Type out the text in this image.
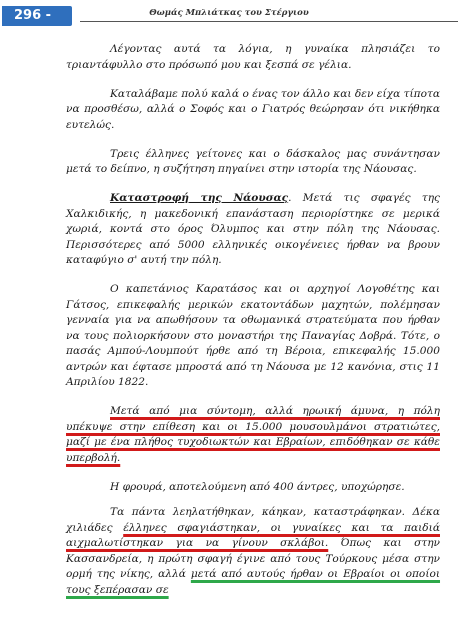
296 -	Θωμάς Μπλιάτκας του Στέργιου

Λέγοντας αυτά τα λόγια, η γυναίκα πλησιάζει το τριαντάφυλλο στο πρόσωπό μου και ξεσπά σε γέλια.

Καταλάβαμε πολύ καλά ο ένας τον άλλο και δεν είχα τίποτα να προσθέσω, αλλά ο Σοφός και ο Γιατρός θεώρησαν ότι νικήθηκα ευτελώς.

Τρεις έλληνες γείτονες και ο δάσκαλος μας συνάντησαν μετά το δείπνο, η συζήτηση πηγαίνει στην ιστορία της Νάουσας.

Καταστροφή της Νάουσας. Μετά τις σφαγές της Χαλκιδικής, η μακεδονική επανάσταση περιορίστηκε σε μερικά χωριά, κοντά στο όρος Όλυμπος και στην πόλη της Νάουσας. Περισσότερες από 5000 ελληνικές οικογένειες ήρθαν να βρουν καταφύγιο σ' αυτή την πόλη.

Ο καπετάνιος Καρατάσος και οι αρχηγοί Λογοθέτης και Γάτσος, επικεφαλής μερικών εκατοντάδων μαχητών, πολέμησαν γενναία για να απωθήσουν τα οθωμανικά στρατεύματα που ήρθαν να τους πολιορκήσουν στο μοναστήρι της Παναγίας Δοβρά. Τότε, ο πασάς Αμπού-Λουμπούτ ήρθε από τη Βέροια, επικεφαλής 15.000 αντρών και έφτασε μπροστά από τη Νάουσα με 12 κανόνια, στις 11 Απριλίου 1822.

Μετά από μια σύντομη, αλλά ηρωική άμυνα, η πόλη υπέκυψε στην επίθεση και οι 15.000 μουσουλμάνοι στρατιώτες, μαζί με ένα πλήθος τυχοδιωκτών και Εβραίων, επιδόθηκαν σε κάθε υπερβολή.

Η φρουρά, αποτελούμενη από 400 άντρες, υποχώρησε.

Τα πάντα λεηλατήθηκαν, κάηκαν, καταστράφηκαν. Δέκα χιλιάδες έλληνες σφαγιάστηκαν, οι γυναίκες και τα παιδιά αιχμαλωτίστηκαν για να γίνουν σκλάβοι. Όπως και στην Κασσανδρεία, η πρώτη σφαγή έγινε από τους Τούρκους μέσα στην ορμή της νίκης, αλλά μετά από αυτούς ήρθαν οι Εβραίοι οι οποίοι τους ξεπέρασαν σε
